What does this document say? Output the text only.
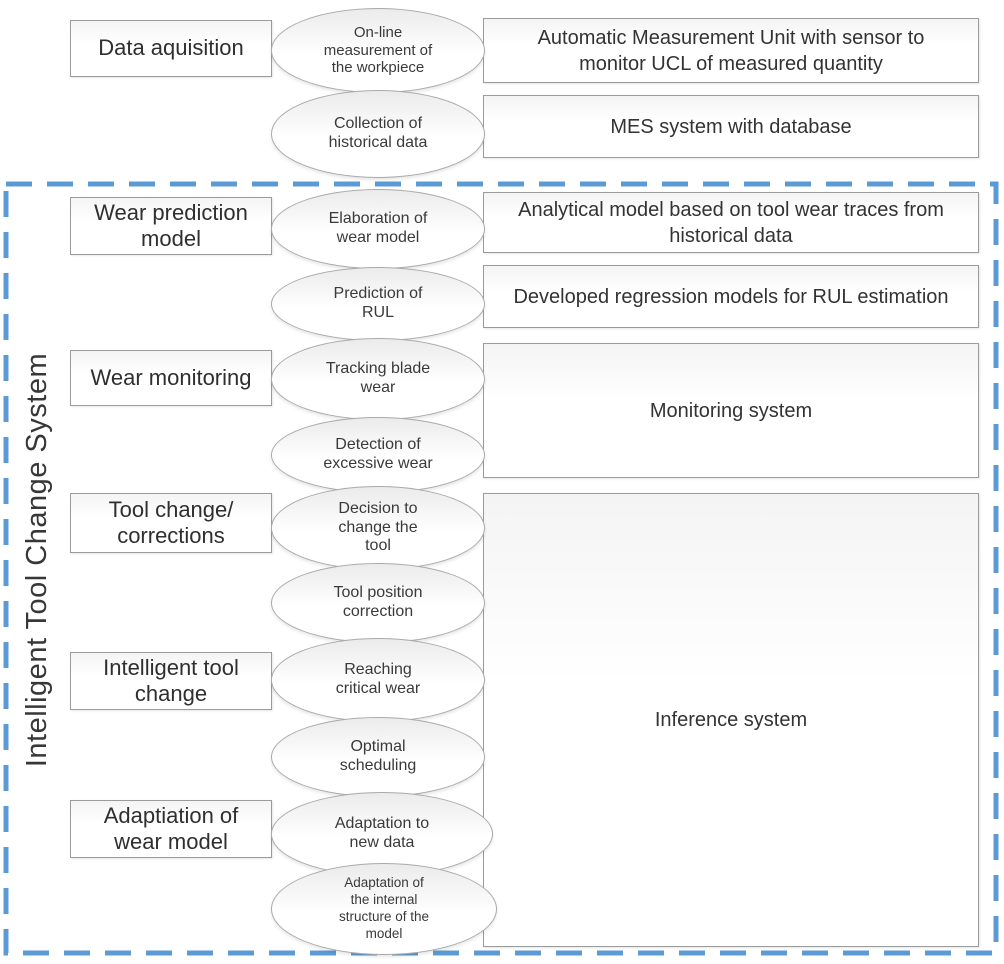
Intelligent Tool Change System
Data aquisition
Wear prediction
model
Wear monitoring
Tool change/
corrections
Intelligent tool
change
Adaptiation of
wear model
On-line
measurement of
the workpiece
Collection of
historical data
Elaboration of
wear model
Prediction of
RUL
Tracking blade
wear
Detection of
excessive wear
Decision to
change the
tool
Tool position
correction
Reaching
critical wear
Optimal
scheduling
Adaptation to
new data
Adaptation of
the internal
structure of the
model
Automatic Measurement Unit with sensor to
monitor UCL of measured quantity
MES system with database
Analytical model based on tool wear traces from
historical data
Developed regression models for RUL estimation
Monitoring system
Inference system
